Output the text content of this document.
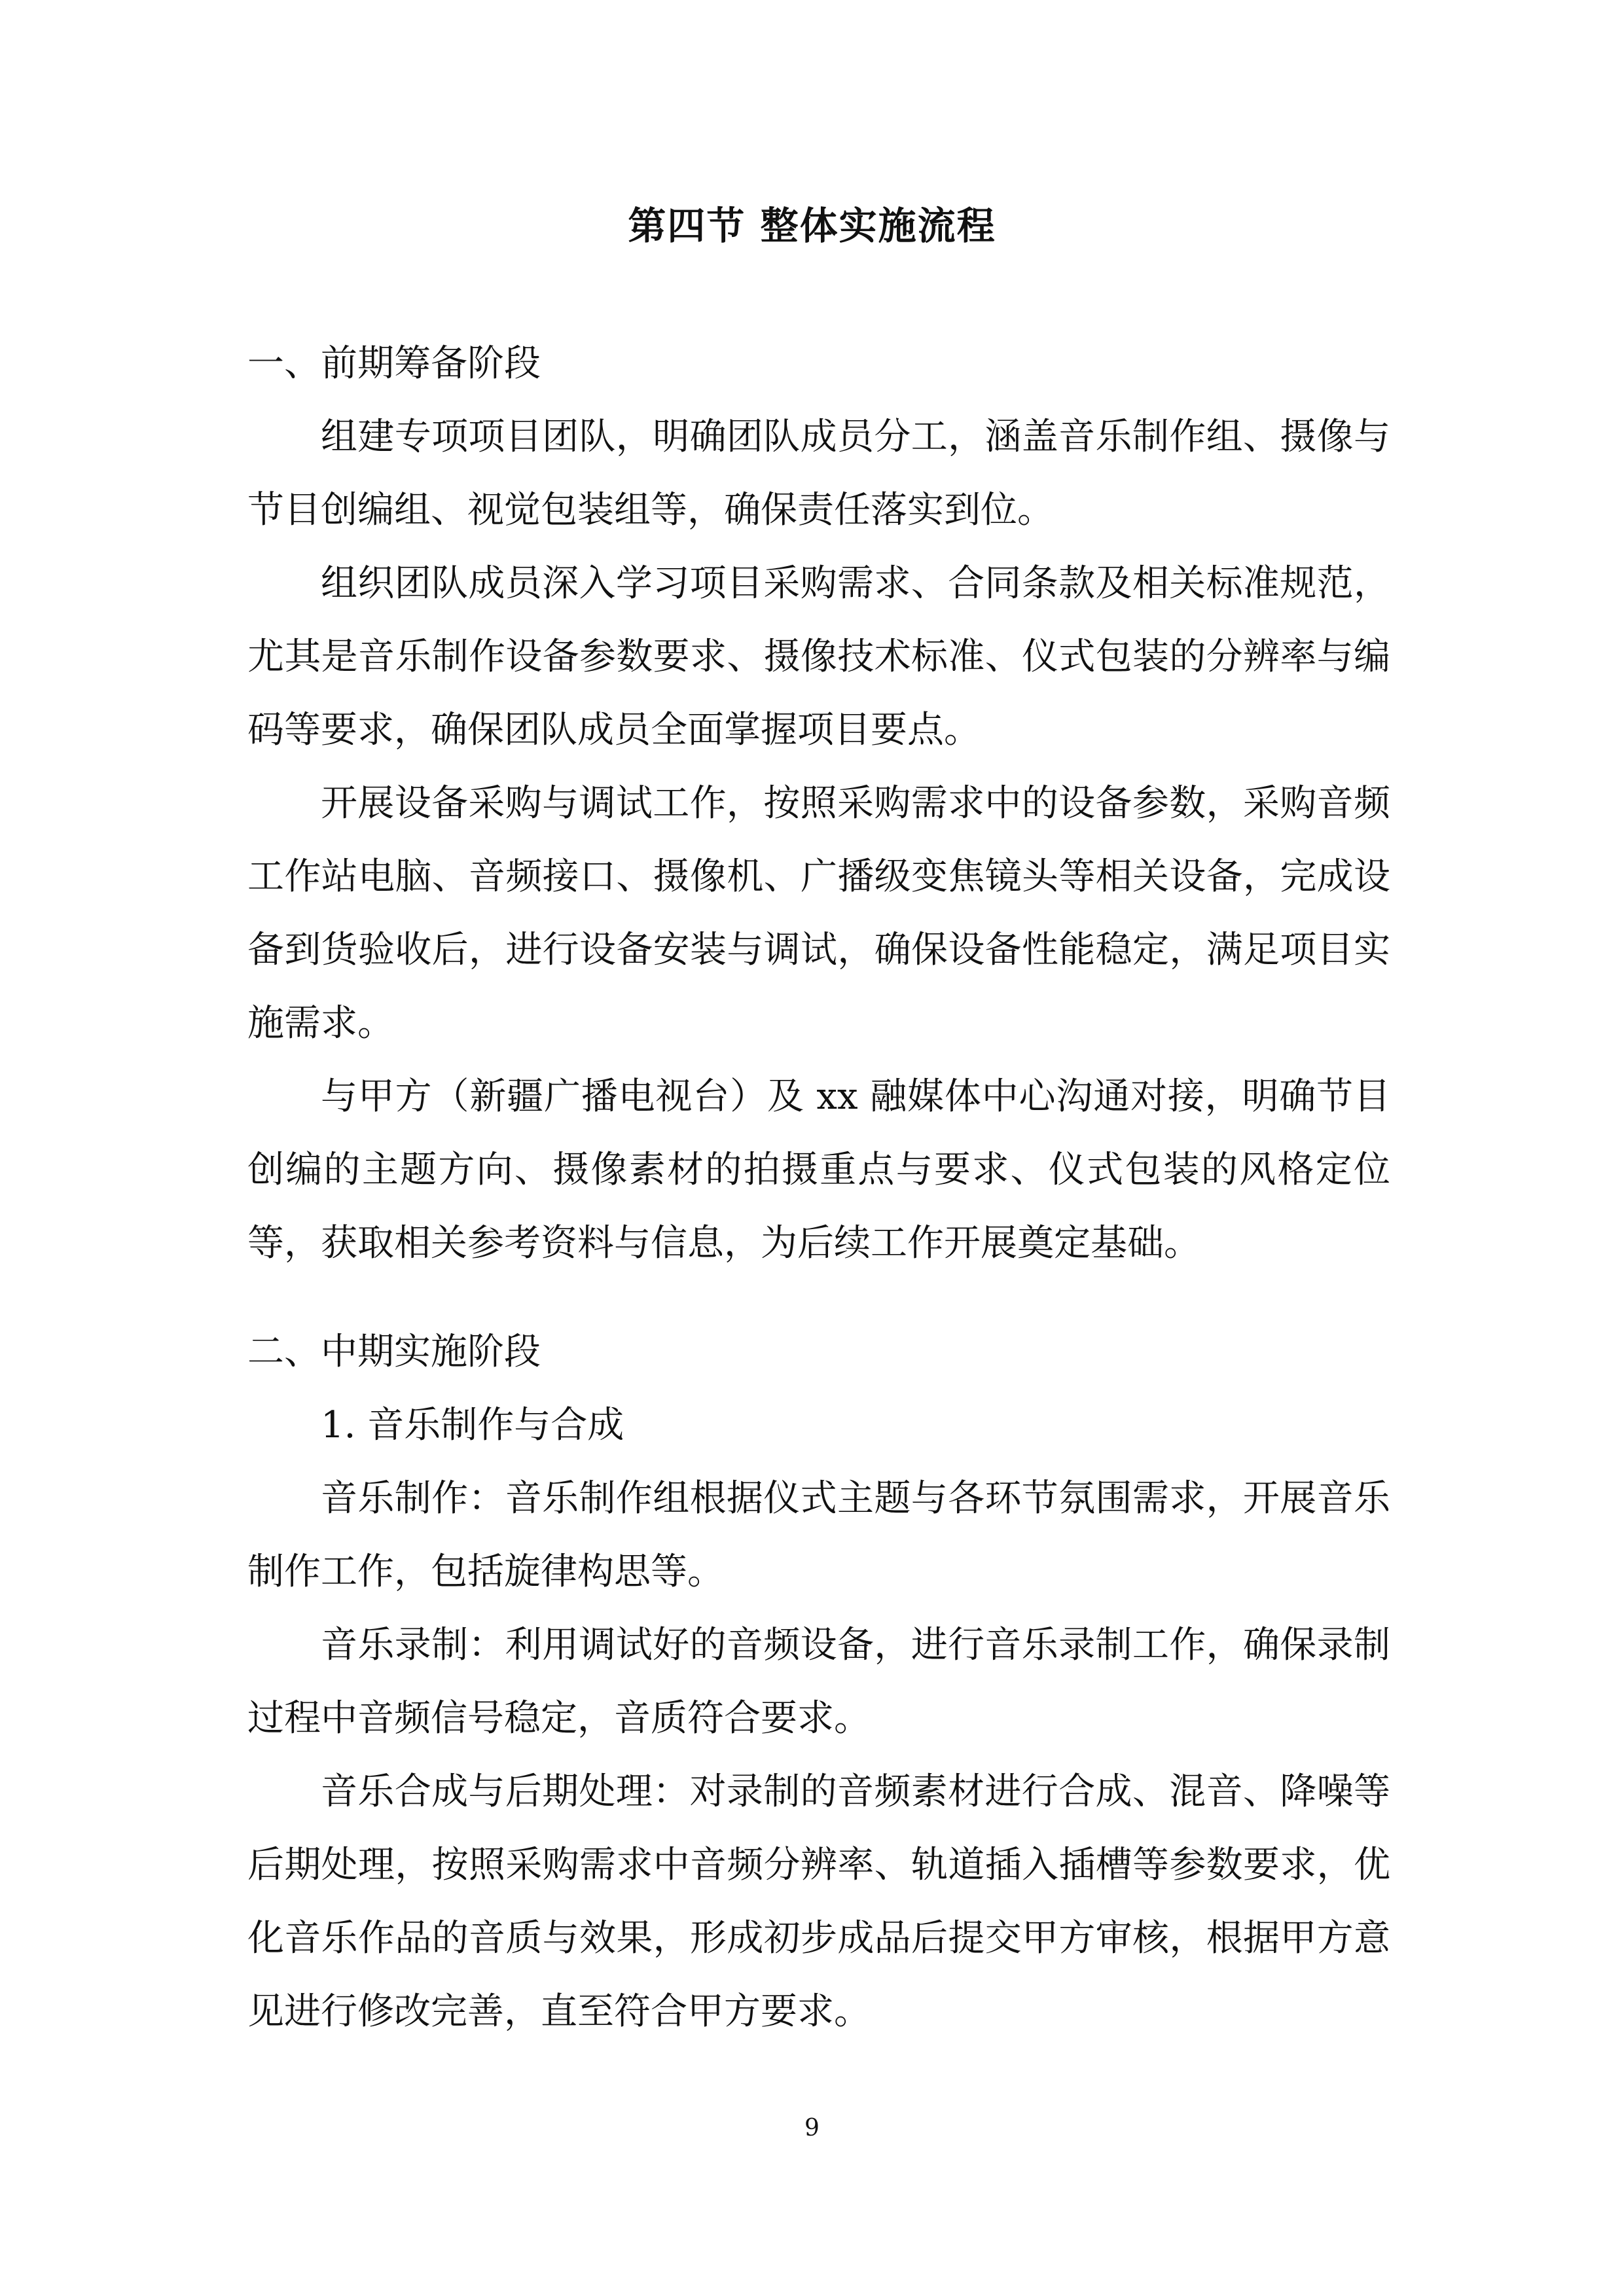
第四节 整体实施流程

一、前期筹备阶段

组建专项项目团队，明确团队成员分工，涵盖音乐制作组、摄像与节目创编组、视觉包装组等，确保责任落实到位。

组织团队成员深入学习项目采购需求、合同条款及相关标准规范，尤其是音乐制作设备参数要求、摄像技术标准、仪式包装的分辨率与编码等要求，确保团队成员全面掌握项目要点。

开展设备采购与调试工作，按照采购需求中的设备参数，采购音频工作站电脑、音频接口、摄像机、广播级变焦镜头等相关设备，完成设备到货验收后，进行设备安装与调试，确保设备性能稳定，满足项目实施需求。

与甲方（新疆广播电视台）及 xx 融媒体中心沟通对接，明确节目创编的主题方向、摄像素材的拍摄重点与要求、仪式包装的风格定位等，获取相关参考资料与信息，为后续工作开展奠定基础。

二、中期实施阶段

1. 音乐制作与合成

音乐制作：音乐制作组根据仪式主题与各环节氛围需求，开展音乐制作工作，包括旋律构思等。

音乐录制：利用调试好的音频设备，进行音乐录制工作，确保录制过程中音频信号稳定，音质符合要求。

音乐合成与后期处理：对录制的音频素材进行合成、混音、降噪等后期处理，按照采购需求中音频分辨率、轨道插入插槽等参数要求，优化音乐作品的音质与效果，形成初步成品后提交甲方审核，根据甲方意见进行修改完善，直至符合甲方要求。

9
